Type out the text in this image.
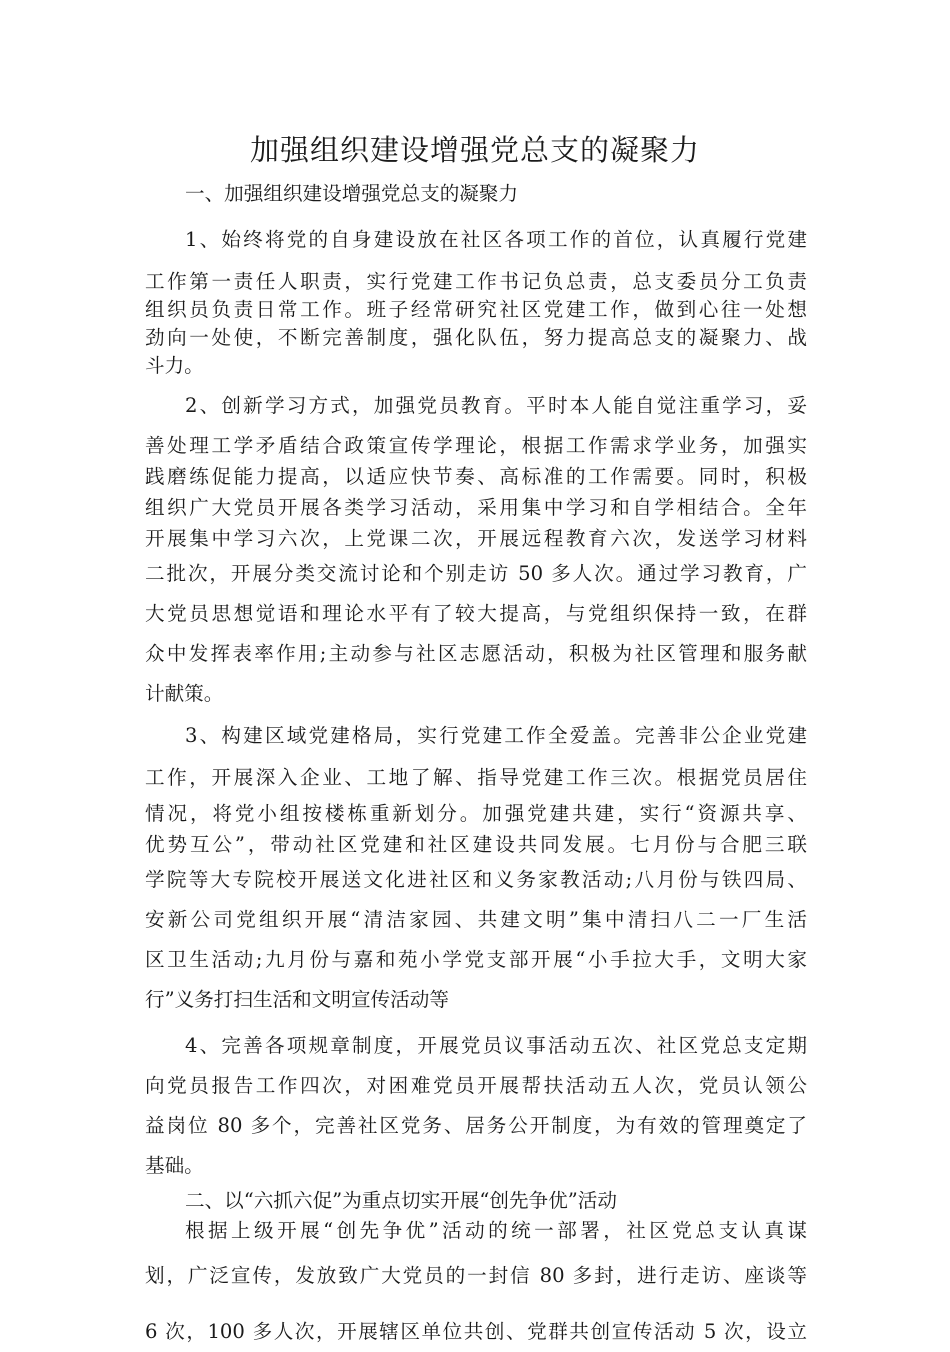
加强组织建设增强党总支的凝聚力
一、加强组织建设增强党总支的凝聚力
1、始终将党的自身建设放在社区各项工作的首位，认真履行党建
工作第一责任人职责，实行党建工作书记负总责，总支委员分工负责
组织员负责日常工作。班子经常研究社区党建工作，做到心往一处想
劲向一处使，不断完善制度，强化队伍，努力提高总支的凝聚力、战
斗力。
2、创新学习方式，加强党员教育。平时本人能自觉注重学习，妥
善处理工学矛盾结合政策宣传学理论，根据工作需求学业务，加强实
践磨练促能力提高，以适应快节奏、高标准的工作需要。同时，积极
组织广大党员开展各类学习活动，采用集中学习和自学相结合。全年
开展集中学习六次，上党课二次，开展远程教育六次，发送学习材料
二批次，开展分类交流讨论和个别走访 50 多人次。通过学习教育，广
大党员思想觉语和理论水平有了较大提高，与党组织保持一致，在群
众中发挥表率作用;主动参与社区志愿活动，积极为社区管理和服务献
计献策。
3、构建区域党建格局，实行党建工作全爱盖。完善非公企业党建
工作，开展深入企业、工地了解、指导党建工作三次。根据党员居住
情况，将党小组按楼栋重新划分。加强党建共建，实行“资源共享、
优势互公”，带动社区党建和社区建设共同发展。七月份与合肥三联
学院等大专院校开展送文化进社区和义务家教活动;八月份与铁四局、
安新公司党组织开展“清洁家园、共建文明”集中清扫八二一厂生活
区卫生活动;九月份与嘉和苑小学党支部开展“小手拉大手，文明大家
行”义务打扫生活和文明宣传活动等
4、完善各项规章制度，开展党员议事活动五次、社区党总支定期
向党员报告工作四次，对困难党员开展帮扶活动五人次，党员认领公
益岗位 80 多个，完善社区党务、居务公开制度，为有效的管理奠定了
基础。
二、以“六抓六促”为重点切实开展“创先争优”活动
根据上级开展“创先争优”活动的统一部署，社区党总支认真谋
划，广泛宣传，发放致广大党员的一封信 80 多封，进行走访、座谈等
6 次，100 多人次，开展辖区单位共创、党群共创宣传活动 5 次，设立
